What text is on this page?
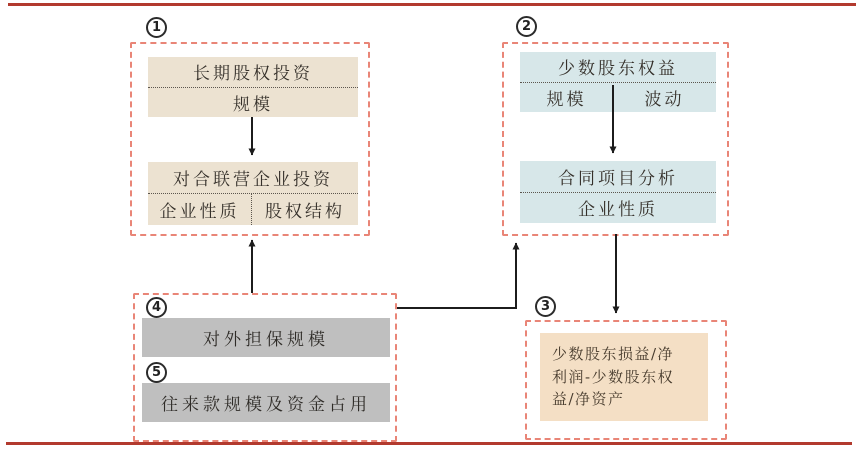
1	2
3
4
5
长期股权投资
规模
对合联营企业投资
企业性质	股权结构
少数股东权益
规模	波动
合同项目分析
企业性质
对外担保规模
往来款规模及资金占用
少数股东损益/净
利润-少数股东权
益/净资产
